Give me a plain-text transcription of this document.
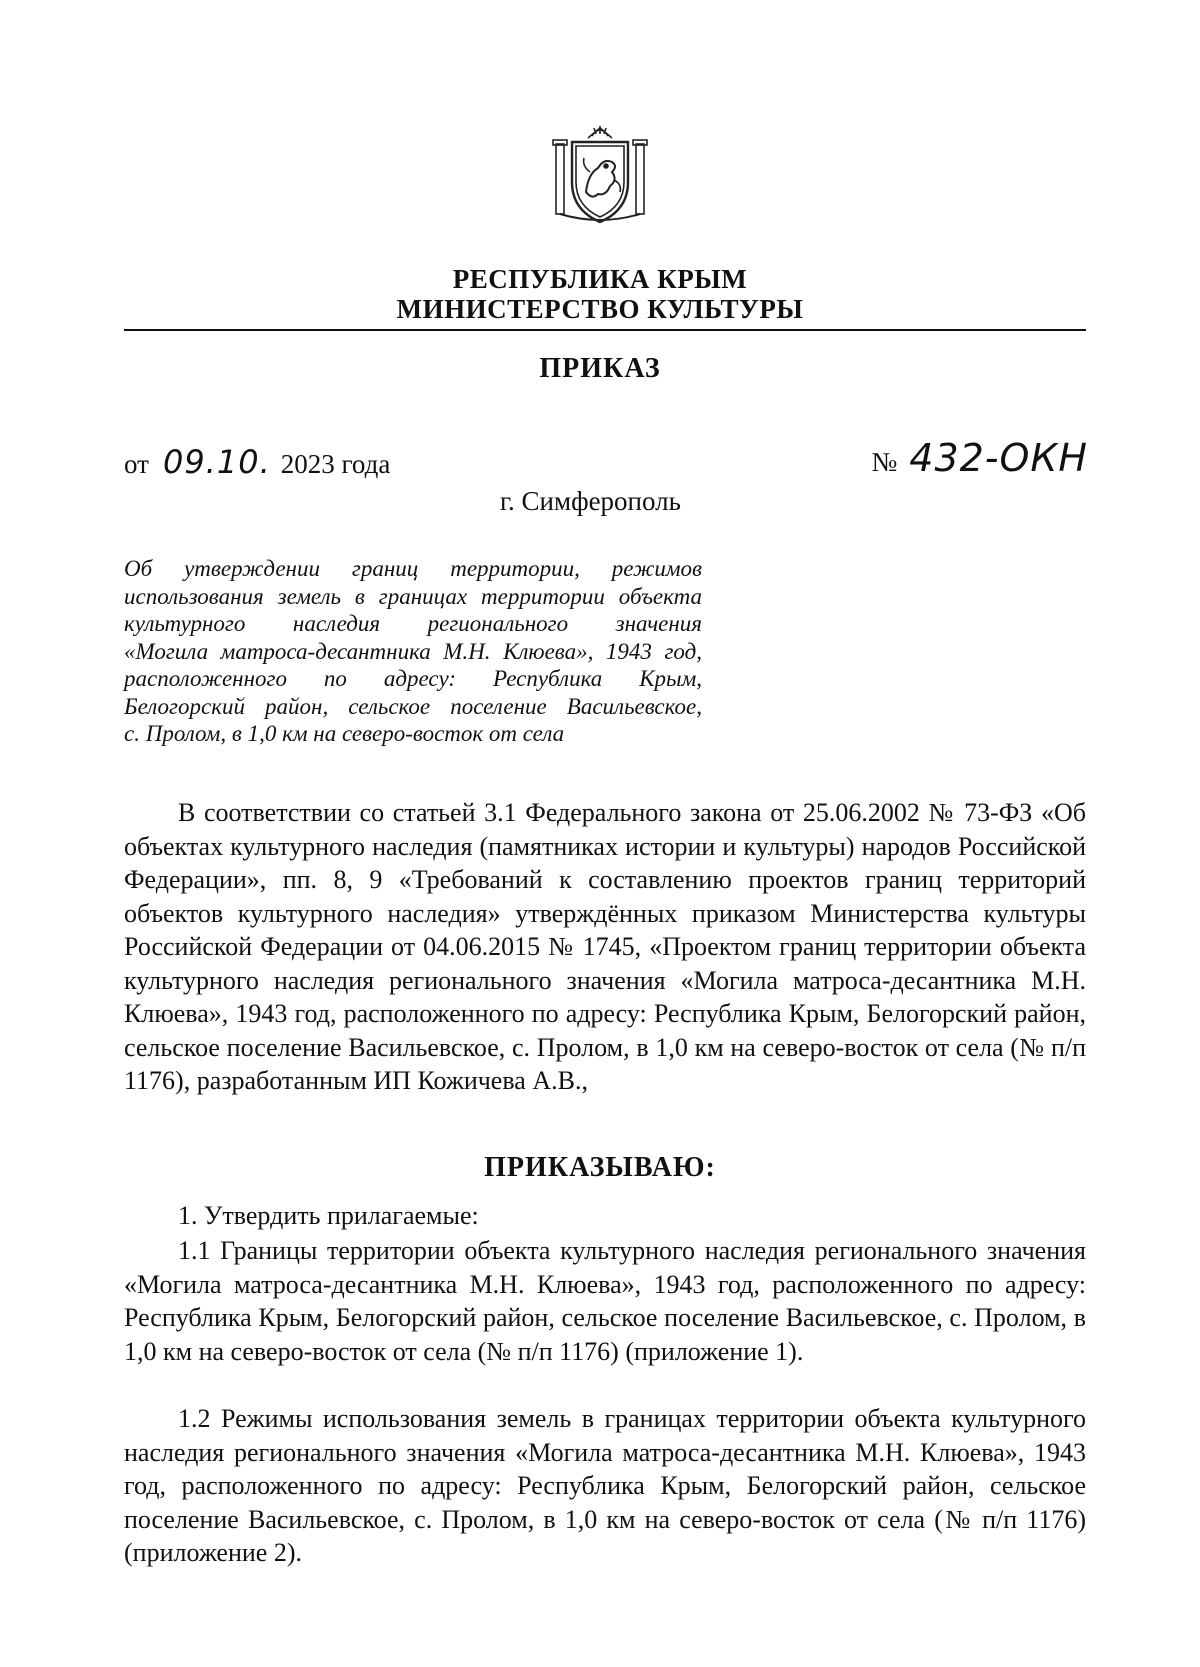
РЕСПУБЛИКА КРЫМ
МИНИСТЕРСТВО КУЛЬТУРЫ
ПРИКАЗ
от 09.10. 2023 года	№ 432-ОКН
г. Симферополь
Об утверждении границ территории, режимов
использования земель в границах территории объекта
культурного наследия регионального значения
«Могила матроса-десантника М.Н. Клюева», 1943 год,
расположенного по адресу: Республика Крым,
Белогорский район, сельское поселение Васильевское,
с. Пролом, в 1,0 км на северо-восток от села
В соответствии со статьей 3.1 Федерального закона от 25.06.2002 № 73-ФЗ «Об объектах культурного наследия (памятниках истории и культуры) народов Российской Федерации», пп. 8, 9 «Требований к составлению проектов границ территорий объектов культурного наследия» утверждённых приказом Министерства культуры Российской Федерации от 04.06.2015 № 1745, «Проектом границ территории объекта культурного наследия регионального значения «Могила матроса-десантника М.Н. Клюева», 1943 год, расположенного по адресу: Республика Крым, Белогорский район, сельское поселение Васильевское, с. Пролом, в 1,0 км на северо-восток от села (№ п/п 1176), разработанным ИП Кожичева А.В.,
ПРИКАЗЫВАЮ:
1. Утвердить прилагаемые:
1.1 Границы территории объекта культурного наследия регионального значения «Могила матроса-десантника М.Н. Клюева», 1943 год, расположенного по адресу: Республика Крым, Белогорский район, сельское поселение Васильевское, с. Пролом, в 1,0 км на северо-восток от села (№ п/п 1176) (приложение 1).
1.2 Режимы использования земель в границах территории объекта культурного наследия регионального значения «Могила матроса-десантника М.Н. Клюева», 1943 год, расположенного по адресу: Республика Крым, Белогорский район, сельское поселение Васильевское, с. Пролом, в 1,0 км на северо-восток от села (№ п/п 1176) (приложение 2).
